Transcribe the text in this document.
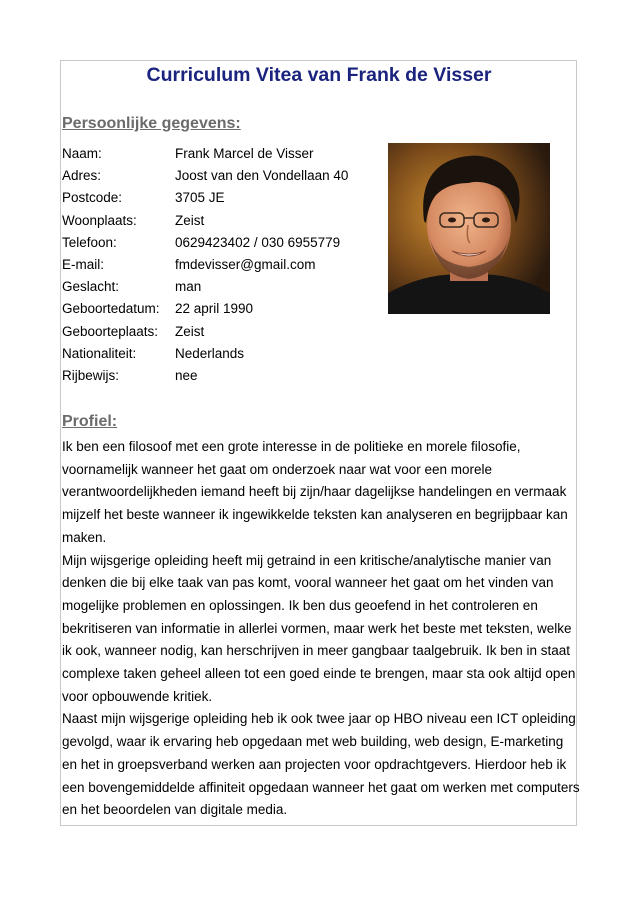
Curriculum Vitea van Frank de Visser
Persoonlijke gegevens:
Naam:	Frank Marcel de Visser
Adres:	Joost van den Vondellaan 40
Postcode:	3705 JE
Woonplaats:	Zeist
Telefoon:	0629423402 / 030 6955779
E-mail:	fmdevisser@gmail.com
Geslacht:	man
Geboortedatum: 22 april 1990
Geboorteplaats: Zeist
Nationaliteit:	Nederlands
Rijbewijs:	nee
Profiel:

Ik ben een filosoof met een grote interesse in de politieke en morele filosofie, voornamelijk wanneer het gaat om onderzoek naar wat voor een morele verantwoordelijkheden iemand heeft bij zijn/haar dagelijkse handelingen en vermaak mijzelf het beste wanneer ik ingewikkelde teksten kan analyseren en begrijpbaar kan maken.

Mijn wijsgerige opleiding heeft mij getraind in een kritische/analytische manier van denken die bij elke taak van pas komt, vooral wanneer het gaat om het vinden van mogelijke problemen en oplossingen. Ik ben dus geoefend in het controleren en bekritiseren van informatie in allerlei vormen, maar werk het beste met teksten, welke ik ook, wanneer nodig, kan herschrijven in meer gangbaar taalgebruik. Ik ben in staat complexe taken geheel alleen tot een goed einde te brengen, maar sta ook altijd open voor opbouwende kritiek.

Naast mijn wijsgerige opleiding heb ik ook twee jaar op HBO niveau een ICT opleiding gevolgd, waar ik ervaring heb opgedaan met web building, web design, E-marketing en het in groepsverband werken aan projecten voor opdrachtgevers. Hierdoor heb ik een bovengemiddelde affiniteit opgedaan wanneer het gaat om werken met computers en het beoordelen van digitale media.
